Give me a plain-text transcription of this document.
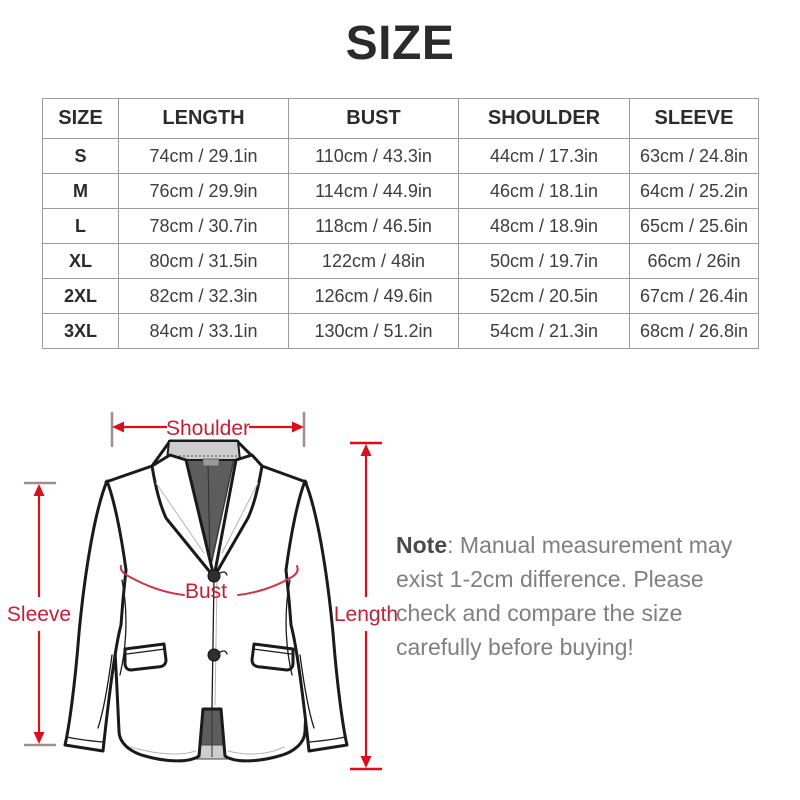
SIZE
SIZE	LENGTH	BUST	SHOULDER	SLEEVE
S	74cm / 29.1in	110cm / 43.3in	44cm / 17.3in	63cm / 24.8in
M	76cm / 29.9in	114cm / 44.9in	46cm / 18.1in	64cm / 25.2in
L	78cm / 30.7in	118cm / 46.5in	48cm / 18.9in	65cm / 25.6in
XL	80cm / 31.5in	122cm / 48in	50cm / 19.7in	66cm / 26in
2XL	82cm / 32.3in	126cm / 49.6in	52cm / 20.5in	67cm / 26.4in
3XL	84cm / 33.1in	130cm / 51.2in	54cm / 21.3in	68cm / 26.8in
Shoulder
Sleeve	Length
Bust
Note: Manual measurement may
exist 1-2cm difference. Please
check and compare the size
carefully before buying!
